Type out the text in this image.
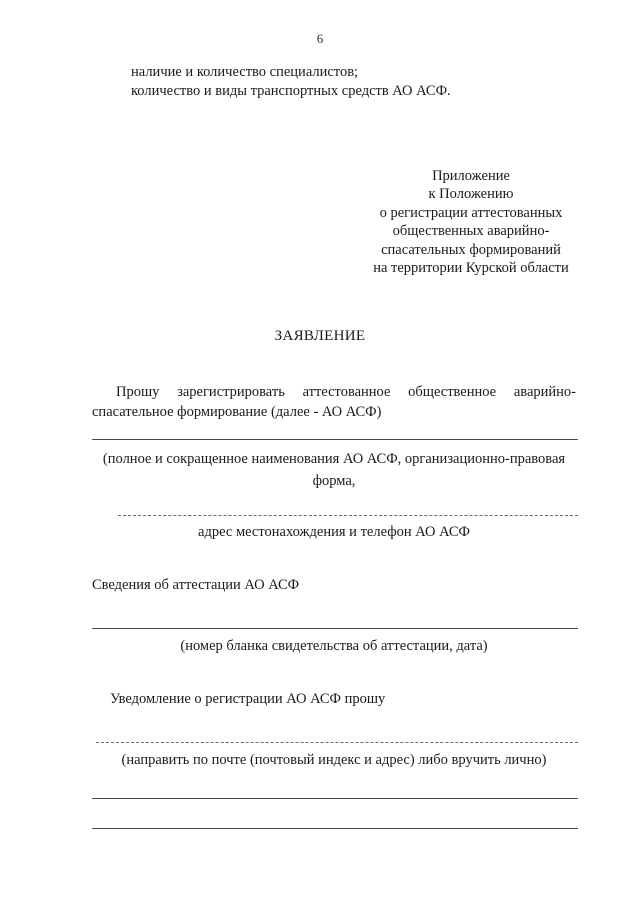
6
наличие и количество специалистов;
количество и виды транспортных средств АО АСФ.
Приложение
к Положению
о регистрации аттестованных
общественных аварийно-
спасательных формирований
на территории Курской области
ЗАЯВЛЕНИЕ
Прошу зарегистрировать аттестованное общественное аварийно-
спасательное формирование (далее - АО АСФ)
(полное и сокращенное наименования АО АСФ, организационно-правовая форма,
адрес местонахождения и телефон АО АСФ
Сведения об аттестации АО АСФ
(номер бланка свидетельства об аттестации, дата)
Уведомление о регистрации АО АСФ прошу
(направить по почте (почтовый индекс и адрес) либо вручить лично)
